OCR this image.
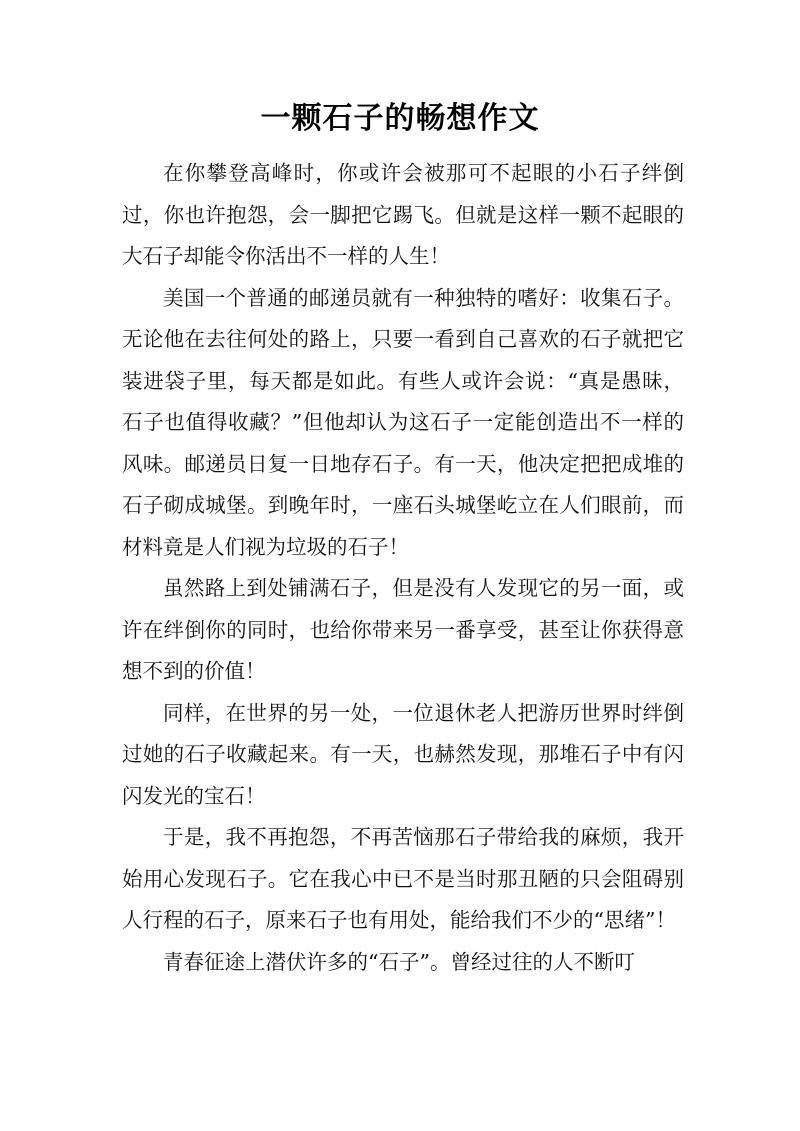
一颗石子的畅想作文

在你攀登高峰时，你或许会被那可不起眼的小石子绊倒过，你也许抱怨，会一脚把它踢飞。但就是这样一颗不起眼的大石子却能令你活出不一样的人生！

美国一个普通的邮递员就有一种独特的嗜好：收集石子。无论他在去往何处的路上，只要一看到自己喜欢的石子就把它装进袋子里，每天都是如此。有些人或许会说：“真是愚昧，石子也值得收藏？”但他却认为这石子一定能创造出不一样的风味。邮递员日复一日地存石子。有一天，他决定把把成堆的石子砌成城堡。到晚年时，一座石头城堡屹立在人们眼前，而材料竟是人们视为垃圾的石子！

虽然路上到处铺满石子，但是没有人发现它的另一面，或许在绊倒你的同时，也给你带来另一番享受，甚至让你获得意想不到的价值！

同样，在世界的另一处，一位退休老人把游历世界时绊倒过她的石子收藏起来。有一天，也赫然发现，那堆石子中有闪闪发光的宝石！

于是，我不再抱怨，不再苦恼那石子带给我的麻烦，我开始用心发现石子。它在我心中已不是当时那丑陋的只会阻碍别人行程的石子，原来石子也有用处，能给我们不少的“思绪”！

青春征途上潜伏许多的“石子”。曾经过往的人不断叮
